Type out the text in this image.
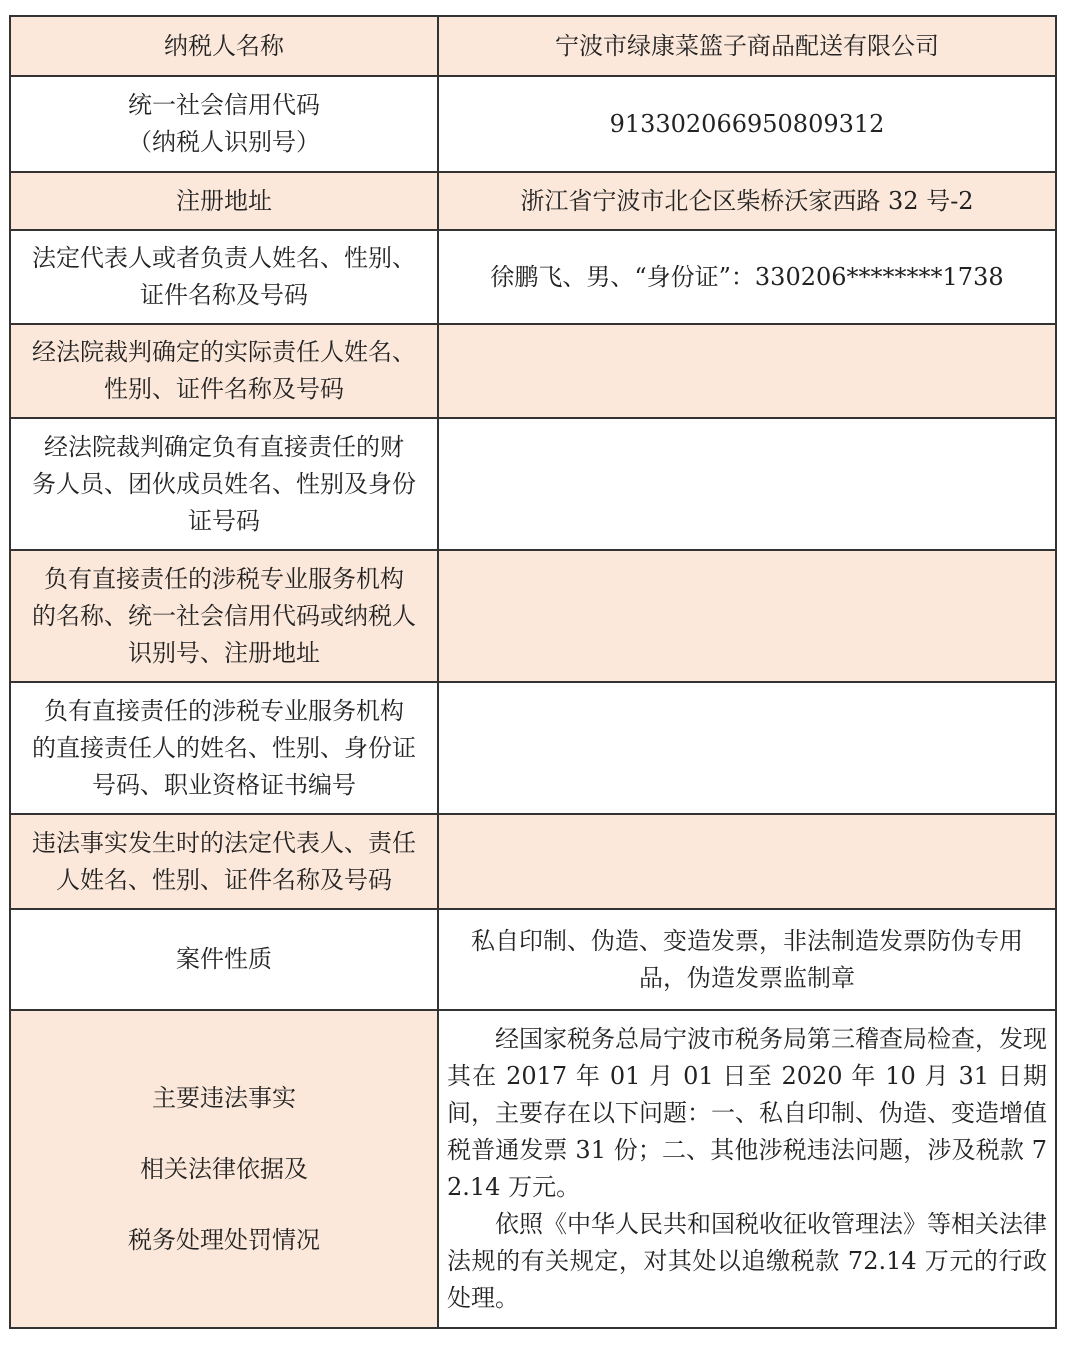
纳税人名称	宁波市绿康菜篮子商品配送有限公司

统一社会信用代码
（纳税人识别号）	91330206695080931​2
注册地址	浙江省宁波市北仑区柴桥沃家西路 32 号-2

法定代表人或者负责人姓名、性别、
证件名称及号码	徐鹏飞、男、“身份证”：330206********1738

经法院裁判确定的实际责任人姓名、
性别、证件名称及号码	

经法院裁判确定负有直接责任的财
务人员、团伙成员姓名、性别及身份
证号码	

负有直接责任的涉税专业服务机构
的名称、统一社会信用代码或纳税人
识别号、注册地址	

负有直接责任的涉税专业服务机构
的直接责任人的姓名、性别、身份证
号码、职业资格证书编号	

违法事实发生时的法定代表人、责任
人姓名、性别、证件名称及号码	

案件性质	私自印制、伪造、变造发票，非法制造发票防伪专用
品，伪造发票监制章

主要违法事实
相关法律依据及
税务处理处罚情况	经国家税务总局宁波市税务局第三稽查局检查，发现其在 2017 年 01 月 01 日至 2020 年 10 月 31 日期间，主要存在以下问题：一、私自印制、伪造、变造增值税普通发票 31 份；二、其他涉税违法问题，涉及税款 72.14 万元。
依照《中华人民共和国税收征收管理法》等相关法律法规的有关规定，对其处以追缴税款 72.14 万元的行政处理。
